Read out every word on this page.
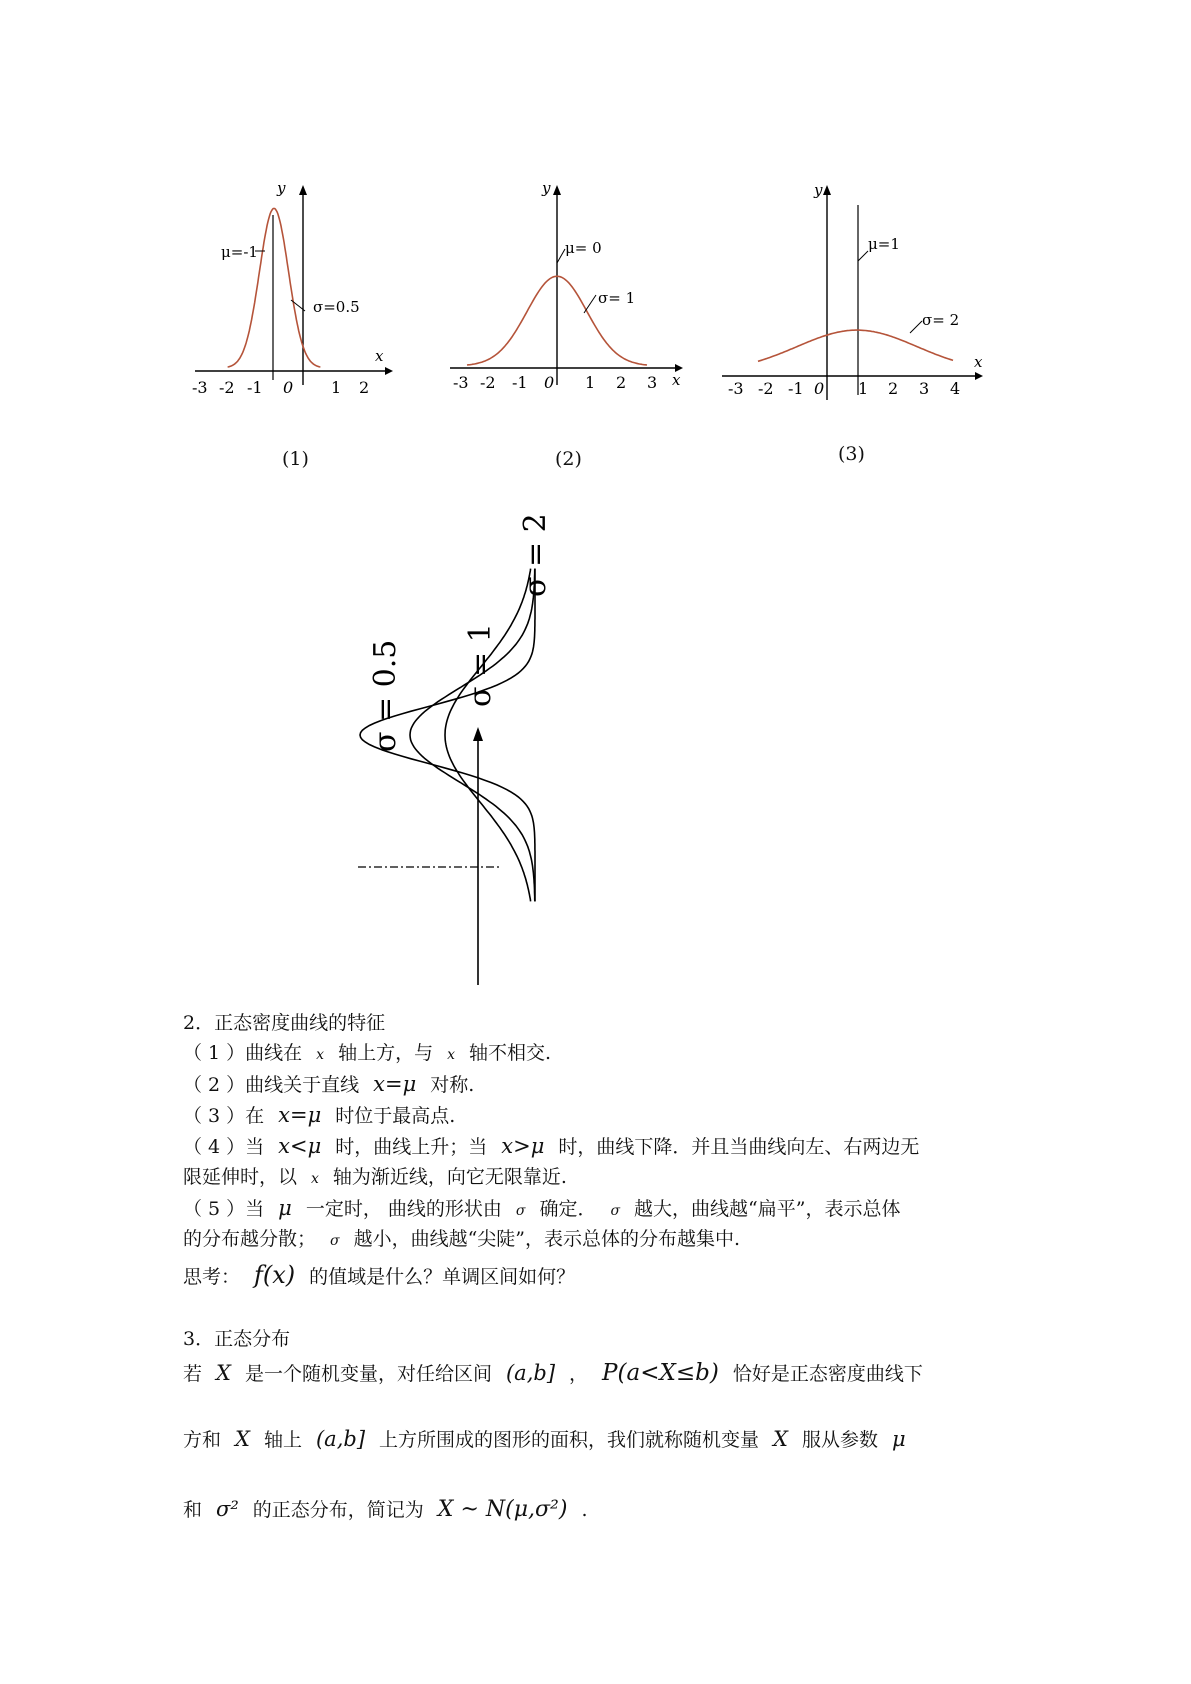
y
x
-3 -2 -1 0 1 2
μ=-1
σ=0.5
(1)
y
x
-3 -2 -1 0 1 2 3
μ= 0
σ= 1
(2)
y
x
-3 -2 -1 0 1 2 3 4
μ=1
σ= 2
(3)
σ = 0.5 σ = 1
σ = 2
2．正态密度曲线的特征
（ 1 ）曲线在 x 轴上方，与 x 轴不相交.
（ 2 ）曲线关于直线 x=μ 对称.
（ 3 ）在 x=μ 时位于最高点.
（ 4 ）当 x<μ 时，曲线上升；当 x>μ 时，曲线下降．并且当曲线向左、右两边无
限延伸时，以 x 轴为渐近线，向它无限靠近.
（ 5 ）当 μ 一定时， 曲线的形状由 σ 确定． σ 越大，曲线越“扁平”，表示总体
的分布越分散； σ 越小，曲线越“尖陡”，表示总体的分布越集中.
思考： f(x) 的值域是什么？单调区间如何？
3．正态分布
若 X 是一个随机变量，对任给区间 (a,b] ， P(a<X≤b) 恰好是正态密度曲线下
方和 X 轴上 (a,b] 上方所围成的图形的面积，我们就称随机变量 X 服从参数 μ
和 σ² 的正态分布，简记为 X ~ N(μ,σ²) .
